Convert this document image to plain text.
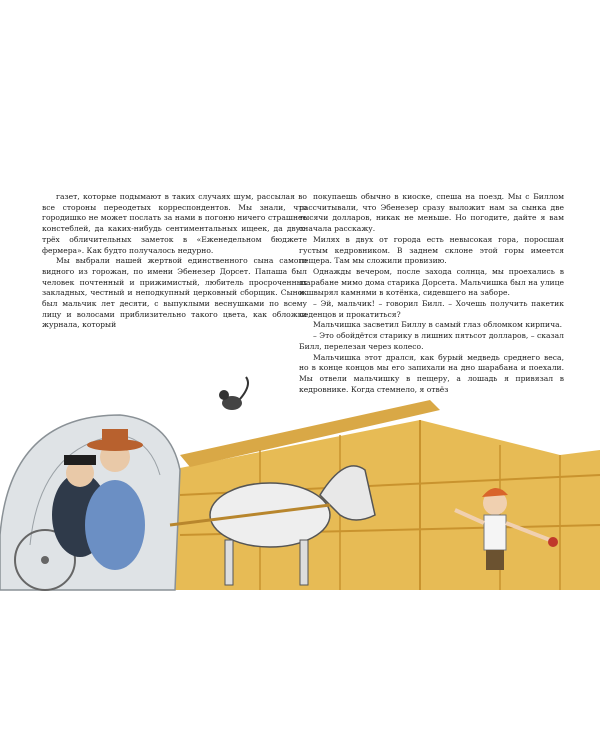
газет, которые подымают в таких случаях шум, рассылая во все стороны переодетых корреспондентов. Мы знали, что городишко не может послать за нами в погоню ничего страшнее констеблей, да каких-нибудь сентиментальных ищеек, да двух-трёх обличительных заметок в «Еженедельном бюджете фермера». Как будто получалось недурно.

Мы выбрали нашей жертвой единственного сына самого видного из горожан, по имени Эбенезер Дорсет. Папаша был человек почтенный и прижимистый, любитель просроченных закладных, честный и неподкупный церковный сборщик. Сынок был мальчик лет десяти, с выпуклыми веснушками по всему лицу и волосами приблизительно такого цвета, как обложка журнала, который

покупаешь обычно в киоске, спеша на поезд. Мы с Биллом рассчитывали, что Эбенезер сразу выложит нам за сынка две тысячи долларов, никак не меньше. Но погодите, дайте я вам сначала расскажу.

Милях в двух от города есть невысокая гора, поросшая густым кедровником. В заднем склоне этой горы имеется пещера. Там мы сложили провизию.

Однажды вечером, после захода солнца, мы проехались в шарабане мимо дома старика Дорсета. Мальчишка был на улице и швырял камнями в котёнка, сидевшего на заборе.

– Эй, мальчик! – говорил Билл. – Хочешь получить пакетик леденцов и прокатиться?

Мальчишка засветил Биллу в самый глаз обломком кирпича.

– Это обойдётся старику в лишних пятьсот долларов, – сказал Билл, перелезая через колесо.

Мальчишка этот дрался, как бурый медведь среднего веса, но в конце концов мы его запихали на дно шарабана и поехали. Мы отвели мальчишку в пещеру, а лошадь я привязал в кедровнике. Когда стемнело, я отвёз
